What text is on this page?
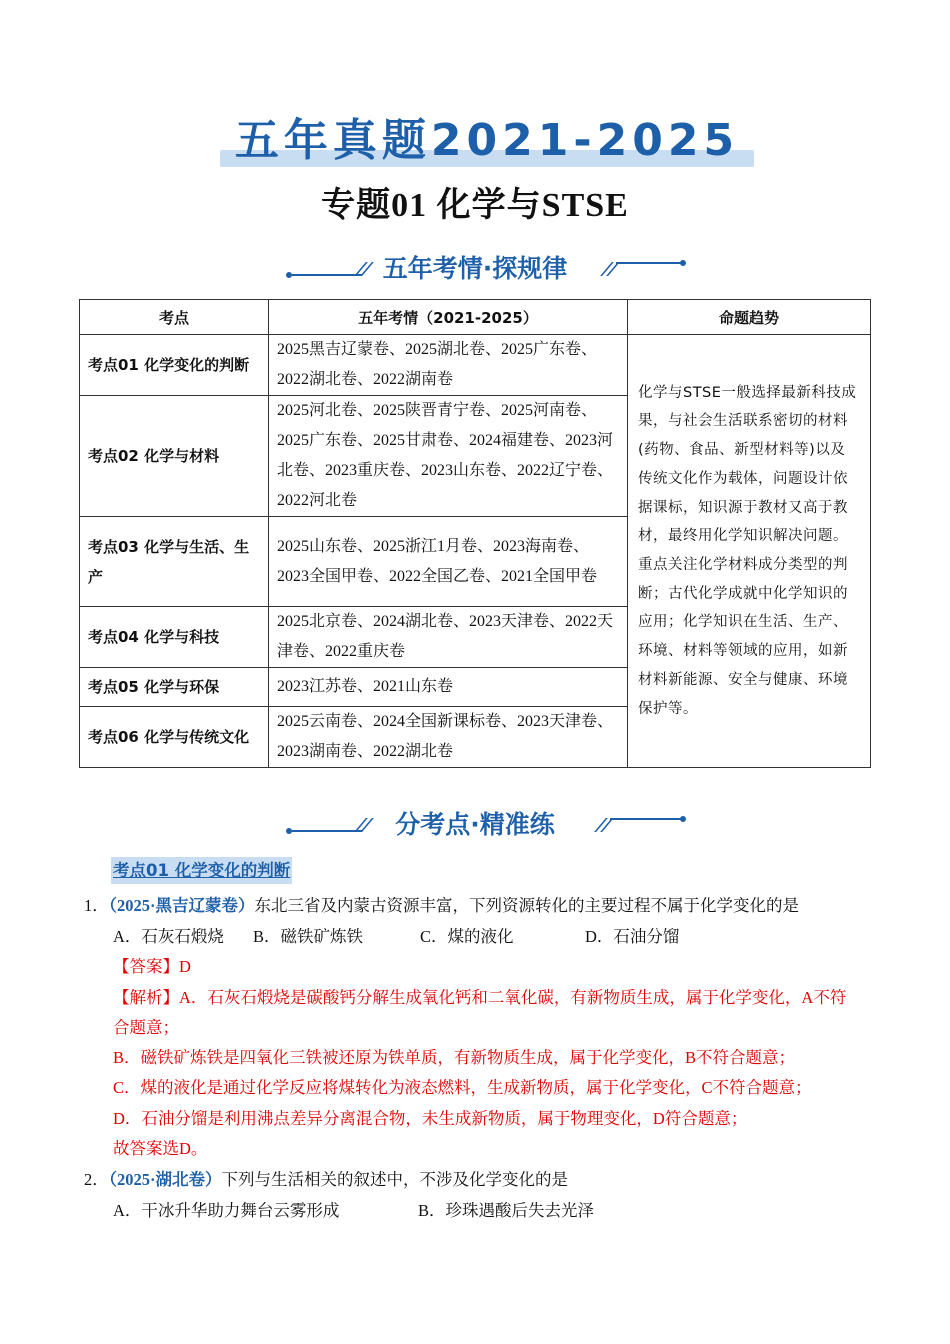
五年真题2021-2025
专题01 化学与STSE
五年考情·探规律
考点	五年考情（2021-2025）	命题趋势
考点01 化学变化的判断	2025黑吉辽蒙卷、2025湖北卷、2025广东卷、2022湖北卷、2022湖南卷	化学与STSE一般选择最新科技成果，与社会生活联系密切的材料(药物、食品、新型材料等)以及传统文化作为载体，问题设计依据课标，知识源于教材又高于教材，最终用化学知识解决问题。重点关注化学材料成分类型的判断；古代化学成就中化学知识的应用；化学知识在生活、生产、环境、材料等领域的应用，如新材料新能源、安全与健康、环境保护等。
考点02 化学与材料	2025河北卷、2025陕晋青宁卷、2025河南卷、2025广东卷、2025甘肃卷、2024福建卷、2023河北卷、2023重庆卷、2023山东卷、2022辽宁卷、2022河北卷	
考点03 化学与生活、生产	2025山东卷、2025浙江1月卷、2023海南卷、2023全国甲卷、2022全国乙卷、2021全国甲卷	
考点04 化学与科技	2025北京卷、2024湖北卷、2023天津卷、2022天津卷、2022重庆卷	
考点05 化学与环保	2023江苏卷、2021山东卷	
考点06 化学与传统文化	2025云南卷、2024全国新课标卷、2023天津卷、2023湖南卷、2022湖北卷	
分考点·精准练
考点01 化学变化的判断
1．（2025·黑吉辽蒙卷）东北三省及内蒙古资源丰富，下列资源转化的主要过程不属于化学变化的是
A．石灰石煅烧 B．磁铁矿炼铁	C．煤的液化	D．石油分馏
【答案】D
【解析】A．石灰石煅烧是碳酸钙分解生成氧化钙和二氧化碳，有新物质生成，属于化学变化，A不符
合题意；
B．磁铁矿炼铁是四氧化三铁被还原为铁单质，有新物质生成，属于化学变化，B不符合题意；
C．煤的液化是通过化学反应将煤转化为液态燃料，生成新物质，属于化学变化，C不符合题意；
D．石油分馏是利用沸点差异分离混合物，未生成新物质，属于物理变化，D符合题意；
故答案选D。
2．（2025·湖北卷）下列与生活相关的叙述中，不涉及化学变化的是
A．干冰升华助力舞台云雾形成	B．珍珠遇酸后失去光泽
